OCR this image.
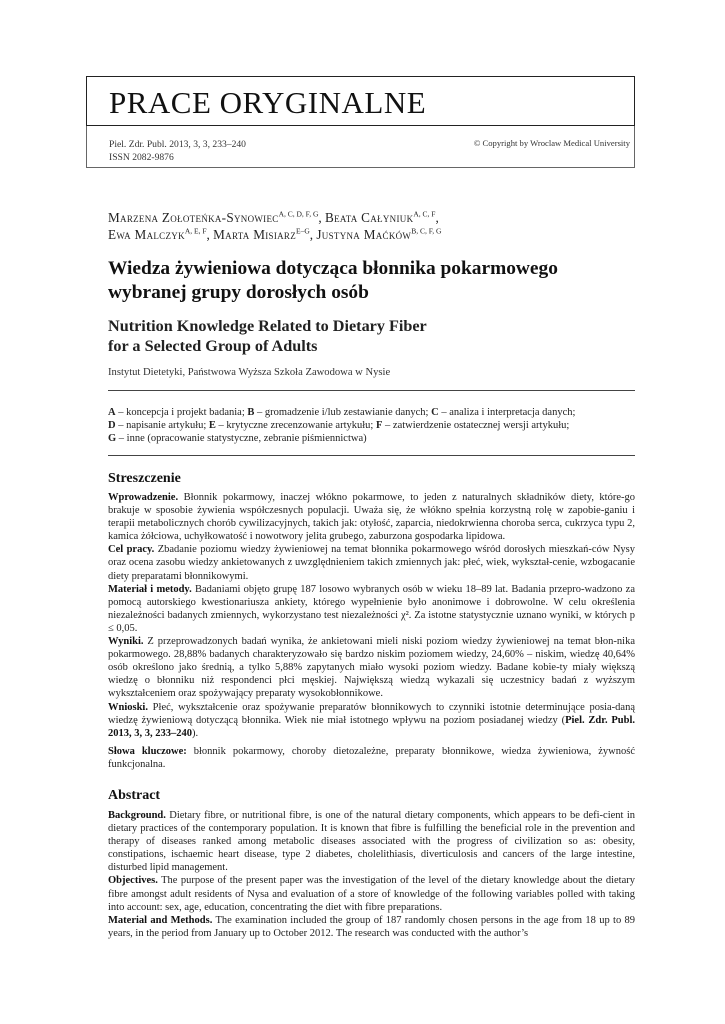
PRACE ORYGINALNE
Piel. Zdr. Publ. 2013, 3, 3, 233–240
ISSN 2082-9876
© Copyright by Wroclaw Medical University
Marzena Zołoteńka-Synowiec$^{A, C, D, F, G}$, Beata Całyniuk$^{A, C, F}$,
Ewa Malczyk$^{A, E, F}$, Marta Misiarz$^{E-G}$, Justyna Maćków$^{B, C, F, G}$
Wiedza żywieniowa dotycząca błonnika pokarmowego
wybranej grupy dorosłych osób
Nutrition Knowledge Related to Dietary Fiber
for a Selected Group of Adults
Instytut Dietetyki, Państwowa Wyższa Szkoła Zawodowa w Nysie
A – koncepcja i projekt badania; B – gromadzenie i/lub zestawianie danych; C – analiza i interpretacja danych;
D – napisanie artykułu; E – krytyczne zrecenzowanie artykułu; F – zatwierdzenie ostatecznej wersji artykułu;
G – inne (opracowanie statystyczne, zebranie piśmiennictwa)
Streszczenie

Wprowadzenie. Błonnik pokarmowy, inaczej włókno pokarmowe, to jeden z naturalnych składników diety, które-go brakuje w sposobie żywienia współczesnych populacji. Uważa się, że włókno spełnia korzystną rolę w zapobie-ganiu i terapii metabolicznych chorób cywilizacyjnych, takich jak: otyłość, zaparcia, niedokrwienna choroba serca, cukrzyca typu 2, kamica żółciowa, uchyłkowatość i nowotwory jelita grubego, zaburzona gospodarka lipidowa.

Cel pracy. Zbadanie poziomu wiedzy żywieniowej na temat błonnika pokarmowego wśród dorosłych mieszkań-ców Nysy oraz ocena zasobu wiedzy ankietowanych z uwzględnieniem takich zmiennych jak: płeć, wiek, wykształ-cenie, wzbogacanie diety preparatami błonnikowymi.

Materiał i metody. Badaniami objęto grupę 187 losowo wybranych osób w wieku 18–89 lat. Badania przepro-wadzono za pomocą autorskiego kwestionariusza ankiety, którego wypełnienie było anonimowe i dobrowolne. W celu określenia niezależności badanych zmiennych, wykorzystano test niezależności χ². Za istotne statystycznie uznano wyniki, w których p ≤ 0,05.

Wyniki. Z przeprowadzonych badań wynika, że ankietowani mieli niski poziom wiedzy żywieniowej na temat błon-nika pokarmowego. 28,88% badanych charakteryzowało się bardzo niskim poziomem wiedzy, 24,60% – niskim, wiedzę 40,64% osób określono jako średnią, a tylko 5,88% zapytanych miało wysoki poziom wiedzy. Badane kobie-ty miały większą wiedzę o błonniku niż respondenci płci męskiej. Największą wiedzą wykazali się uczestnicy badań z wyższym wykształceniem oraz spożywający preparaty wysokobłonnikowe.

Wnioski. Płeć, wykształcenie oraz spożywanie preparatów błonnikowych to czynniki istotnie determinujące posia-daną wiedzę żywieniową dotyczącą błonnika. Wiek nie miał istotnego wpływu na poziom posiadanej wiedzy (Piel. Zdr. Publ. 2013, 3, 3, 233–240).

Słowa kluczowe: błonnik pokarmowy, choroby dietozależne, preparaty błonnikowe, wiedza żywieniowa, żywność funkcjonalna.

Abstract

Background. Dietary fibre, or nutritional fibre, is one of the natural dietary components, which appears to be defi-cient in dietary practices of the contemporary population. It is known that fibre is fulfilling the beneficial role in the prevention and therapy of diseases ranked among metabolic diseases associated with the progress of civilization so as: obesity, constipations, ischaemic heart disease, type 2 diabetes, cholelithiasis, diverticulosis and cancers of the large intestine, disturbed lipid management.

Objectives. The purpose of the present paper was the investigation of the level of the dietary knowledge about the dietary fibre amongst adult residents of Nysa and evaluation of a store of knowledge of the following variables polled with taking into account: sex, age, education, concentrating the diet with fibre preparations.

Material and Methods. The examination included the group of 187 randomly chosen persons in the age from 18 up to 89 years, in the period from January up to October 2012. The research was conducted with the author’s
